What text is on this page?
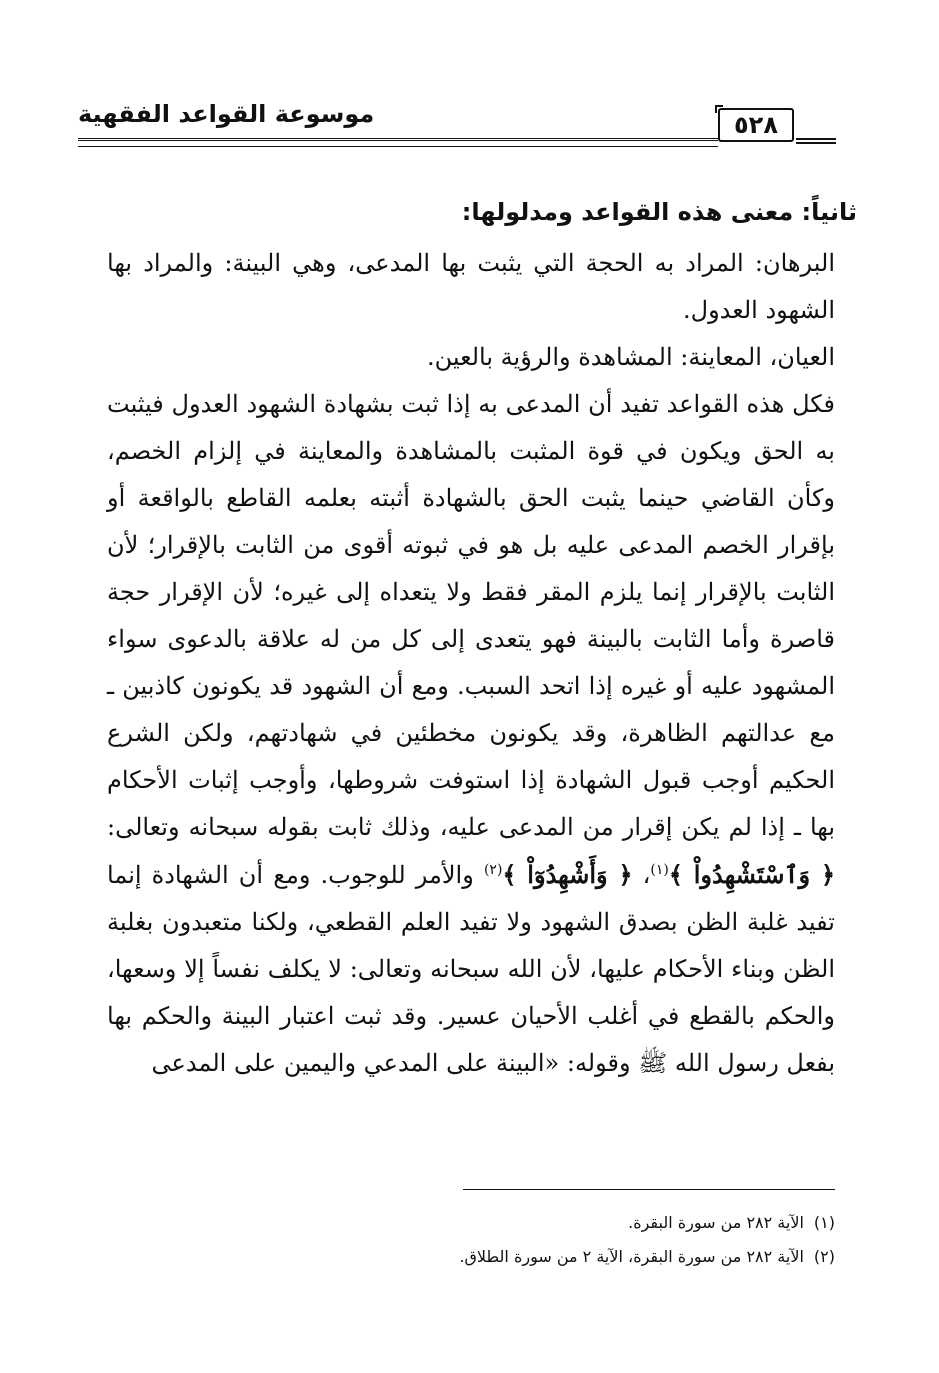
موسوعة القواعد الفقهية	٥٢٨
ثانياً: معنى هذه القواعد ومدلولها:

البرهان: المراد به الحجة التي يثبت بها المدعى، وهي البينة: والمراد بها الشهود العدول.

العيان، المعاينة: المشاهدة والرؤية بالعين.

فكل هذه القواعد تفيد أن المدعى به إذا ثبت بشهادة الشهود العدول فيثبت به الحق ويكون في قوة المثبت بالمشاهدة والمعاينة في إلزام الخصم، وكأن القاضي حينما يثبت الحق بالشهادة أثبته بعلمه القاطع بالواقعة أو بإقرار الخصم المدعى عليه بل هو في ثبوته أقوى من الثابت بالإقرار؛ لأن الثابت بالإقرار إنما يلزم المقر فقط ولا يتعداه إلى غيره؛ لأن الإقرار حجة قاصرة وأما الثابت بالبينة فهو يتعدى إلى كل من له علاقة بالدعوى سواء المشهود عليه أو غيره إذا اتحد السبب. ومع أن الشهود قد يكونون كاذبين ـ مع عدالتهم الظاهرة، وقد يكونون مخطئين في شهادتهم، ولكن الشرع الحكيم أوجب قبول الشهادة إذا استوفت شروطها، وأوجب إثبات الأحكام بها ـ إذا لم يكن إقرار من المدعى عليه، وذلك ثابت بقوله سبحانه وتعالى: ﴿ وَٱسْتَشْهِدُواْ ﴾$^{(١)}$، ﴿ وَأَشْهِدُوٓاْ ﴾$^{(٢)}$ والأمر للوجوب. ومع أن الشهادة إنما تفيد غلبة الظن بصدق الشهود ولا تفيد العلم القطعي، ولكنا متعبدون بغلبة الظن وبناء الأحكام عليها، لأن الله سبحانه وتعالى: لا يكلف نفساً إلا وسعها، والحكم بالقطع في أغلب الأحيان عسير. وقد ثبت اعتبار البينة والحكم بها بفعل رسول الله ﷺ وقوله: «البينة على المدعي واليمين على المدعى

(١)الآية ٢٨٢ من سورة البقرة.

(٢)الآية ٢٨٢ من سورة البقرة، الآية ٢ من سورة الطلاق.
